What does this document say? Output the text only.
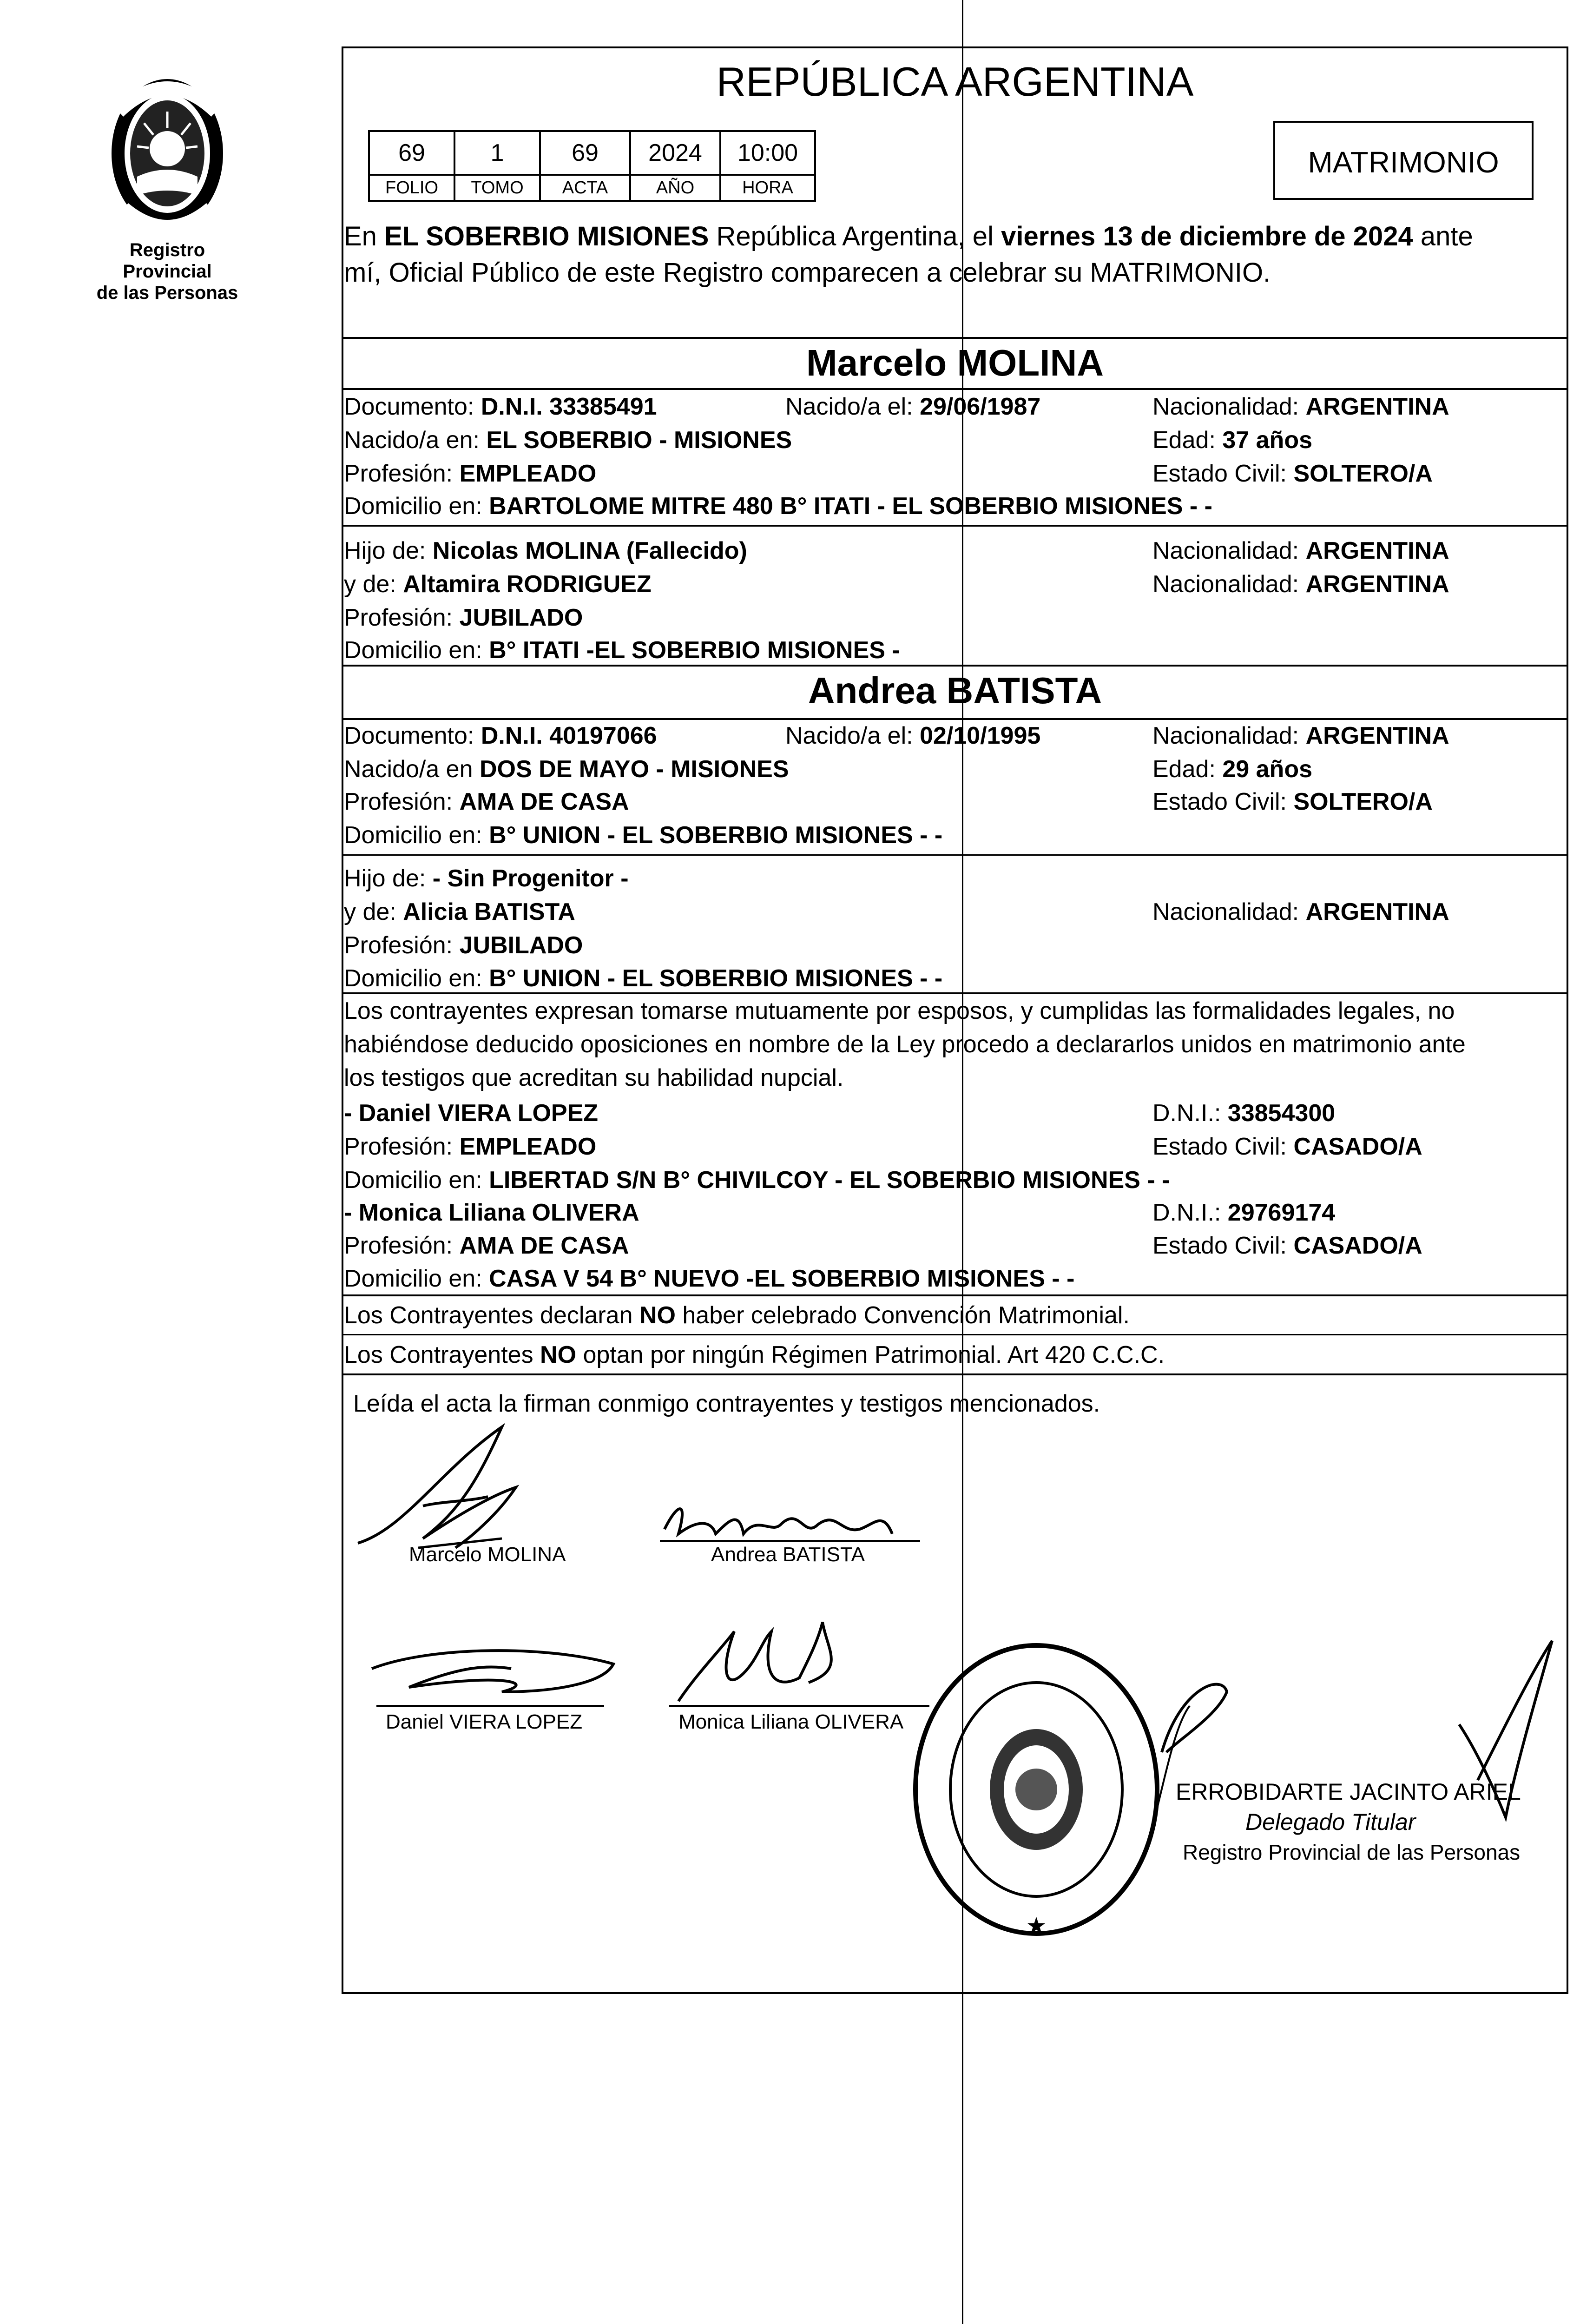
Registro Provincial
de las Personas
REPÚBLICA ARGENTINA
69	1	69	2024	10:00
FOLIO	TOMO	ACTA	AÑO	HORA
MATRIMONIO
En EL SOBERBIO MISIONES República Argentina, el viernes 13 de diciembre de 2024 ante
mí, Oficial Público de este Registro comparecen a celebrar su MATRIMONIO.
Marcelo MOLINA
Documento: D.N.I. 33385491	Nacido/a el: 29/06/1987	Nacionalidad: ARGENTINA
Nacido/a en: EL SOBERBIO - MISIONES	Edad: 37 años
Profesión: EMPLEADO	Estado Civil: SOLTERO/A
Domicilio en: BARTOLOME MITRE 480 B° ITATI - EL SOBERBIO MISIONES - -
Hijo de: Nicolas MOLINA (Fallecido)	Nacionalidad: ARGENTINA
y de: Altamira RODRIGUEZ	Nacionalidad: ARGENTINA
Profesión: JUBILADO
Domicilio en: B° ITATI -EL SOBERBIO MISIONES -
Andrea BATISTA
Documento: D.N.I. 40197066	Nacido/a el: 02/10/1995	Nacionalidad: ARGENTINA
Nacido/a en DOS DE MAYO - MISIONES	Edad: 29 años
Profesión: AMA DE CASA	Estado Civil: SOLTERO/A
Domicilio en: B° UNION - EL SOBERBIO MISIONES - -
Hijo de: - Sin Progenitor -
y de: Alicia BATISTA	Nacionalidad: ARGENTINA
Profesión: JUBILADO
Domicilio en: B° UNION - EL SOBERBIO MISIONES - -
Los contrayentes expresan tomarse mutuamente por esposos, y cumplidas las formalidades legales, no
habiéndose deducido oposiciones en nombre de la Ley procedo a declararlos unidos en matrimonio ante
los testigos que acreditan su habilidad nupcial.
- Daniel VIERA LOPEZ	D.N.I.: 33854300
Profesión: EMPLEADO	Estado Civil: CASADO/A
Domicilio en: LIBERTAD S/N B° CHIVILCOY - EL SOBERBIO MISIONES - -
- Monica Liliana OLIVERA	D.N.I.: 29769174
Profesión: AMA DE CASA	Estado Civil: CASADO/A
Domicilio en: CASA V 54 B° NUEVO -EL SOBERBIO MISIONES - -
Los Contrayentes declaran NO haber celebrado Convención Matrimonial.
Los Contrayentes NO optan por ningún Régimen Patrimonial. Art 420 C.C.C.
Leída el acta la firman conmigo contrayentes y testigos mencionados.
Marcelo MOLINA	Andrea BATISTA
Daniel VIERA LOPEZ	Monica Liliana OLIVERA
★
ERROBIDARTE JACINTO ARIEL
Delegado Titular
Registro Provincial de las Personas
